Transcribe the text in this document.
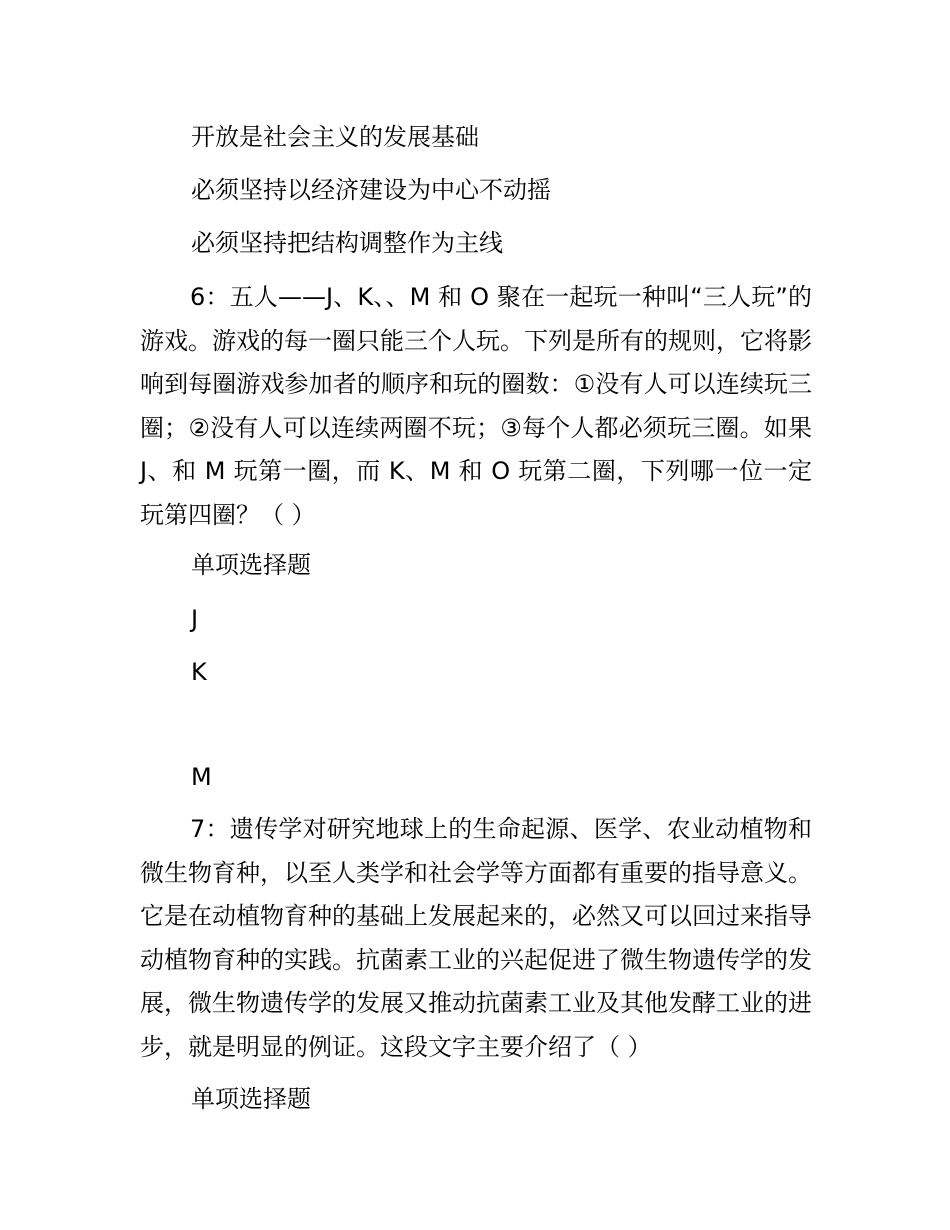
开放是社会主义的发展基础
必须坚持以经济建设为中心不动摇
必须坚持把结构调整作为主线
6：五人——J、K、、M 和 O 聚在一起玩一种叫“三人玩”的游戏。游戏的每一圈只能三个人玩。下列是所有的规则，它将影响到每圈游戏参加者的顺序和玩的圈数：①没有人可以连续玩三圈；②没有人可以连续两圈不玩；③每个人都必须玩三圈。如果 J、和 M 玩第一圈，而 K、M 和 O 玩第二圈，下列哪一位一定玩第四圈？（ ）
单项选择题
J
K
M
7：遗传学对研究地球上的生命起源、医学、农业动植物和微生物育种，以至人类学和社会学等方面都有重要的指导意义。它是在动植物育种的基础上发展起来的，必然又可以回过来指导动植物育种的实践。抗菌素工业的兴起促进了微生物遗传学的发展，微生物遗传学的发展又推动抗菌素工业及其他发酵工业的进步，就是明显的例证。这段文字主要介绍了（ ）
单项选择题
